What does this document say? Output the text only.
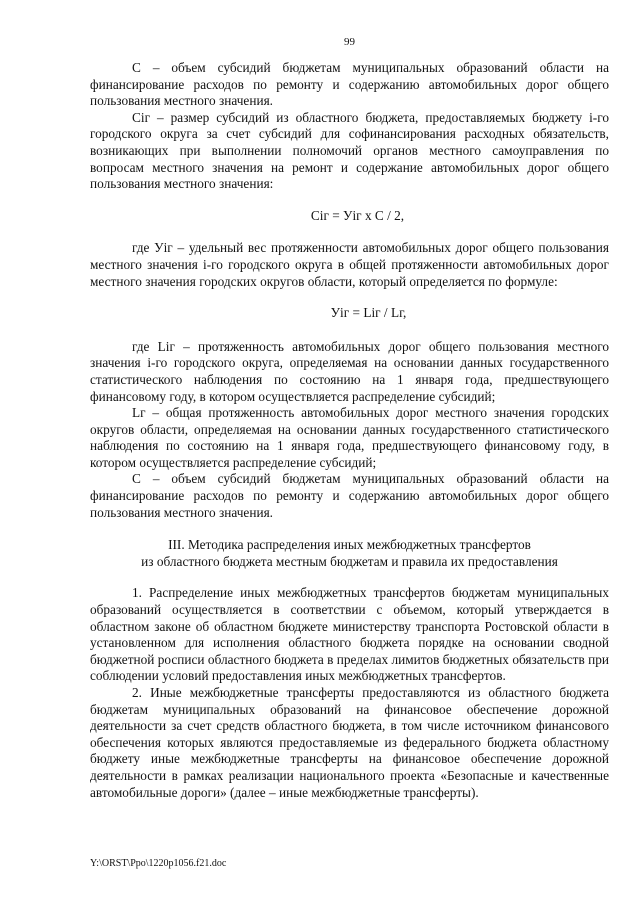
99

С – объем субсидий бюджетам муниципальных образований области на финансирование расходов по ремонту и содержанию автомобильных дорог общего пользования местного значения.

Ciг – размер субсидий из областного бюджета, предоставляемых бюджету i-го городского округа за счет субсидий для софинансирования расходных обязательств, возникающих при выполнении полномочий органов местного самоуправления по вопросам местного значения на ремонт и содержание автомобильных дорог общего пользования местного значения:

Ciг = Уiг x C / 2,

где Уiг – удельный вес протяженности автомобильных дорог общего пользования местного значения i-го городского округа в общей протяженности автомобильных дорог местного значения городских округов области, который определяется по формуле:

Уiг = Liг / Lг,

где Liг – протяженность автомобильных дорог общего пользования местного значения i-го городского округа, определяемая на основании данных государственного статистического наблюдения по состоянию на 1 января года, предшествующего финансовому году, в котором осуществляется распределение субсидий;

Lг – общая протяженность автомобильных дорог местного значения городских округов области, определяемая на основании данных государственного статистического наблюдения по состоянию на 1 января года, предшествующего финансовому году, в котором осуществляется распределение субсидий;

С – объем субсидий бюджетам муниципальных образований области на финансирование расходов по ремонту и содержанию автомобильных дорог общего пользования местного значения.

III. Методика распределения иных межбюджетных трансфертов
из областного бюджета местным бюджетам и правила их предоставления

1. Распределение иных межбюджетных трансфертов бюджетам муниципальных образований осуществляется в соответствии с объемом, который утверждается в областном законе об областном бюджете министерству транспорта Ростовской области в установленном для исполнения областного бюджета порядке на основании сводной бюджетной росписи областного бюджета в пределах лимитов бюджетных обязательств при соблюдении условий предоставления иных межбюджетных трансфертов.

2. Иные межбюджетные трансферты предоставляются из областного бюджета бюджетам муниципальных образований на финансовое обеспечение дорожной деятельности за счет средств областного бюджета, в том числе источником финансового обеспечения которых являются предоставляемые из федерального бюджета областному бюджету иные межбюджетные трансферты на финансовое обеспечение дорожной деятельности в рамках реализации национального проекта «Безопасные и качественные автомобильные дороги» (далее – иные межбюджетные трансферты).

Y:\ORST\Ppo\1220p1056.f21.doc
